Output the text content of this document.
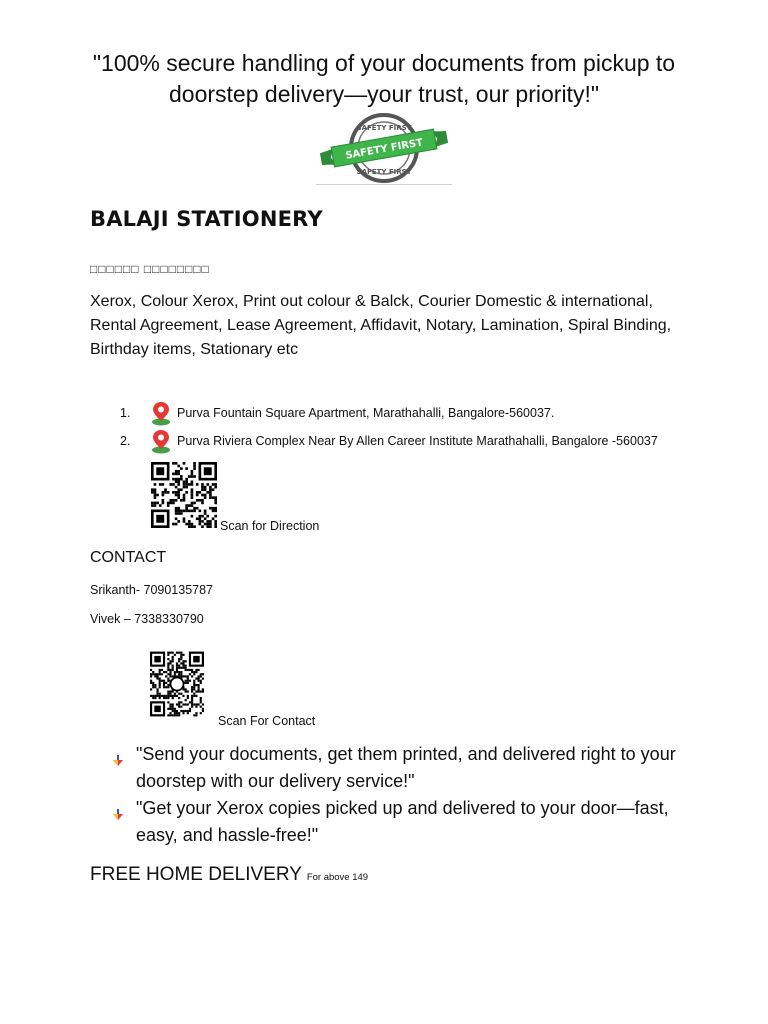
"100% secure handling of your documents from pickup to doorstep delivery—your trust, our priority!"
SAFETY FIRST
SAFETY FIRST
SAFETY FIRST
BALAJI STATIONERY
□□□□□□ □□□□□□□□
Xerox, Colour Xerox, Print out colour & Balck, Courier Domestic & international, Rental Agreement, Lease Agreement, Affidavit, Notary, Lamination, Spiral Binding, Birthday items, Stationary etc
1.	Purva Fountain Square Apartment, Marathahalli, Bangalore-560037.
2.	Purva Riviera Complex Near By Allen Career Institute Marathahalli, Bangalore -560037
Scan for Direction
CONTACT
Srikanth- 7090135787
Vivek – 7338330790
Scan For Contact
"Send your documents, get them printed, and delivered right to your doorstep with our delivery service!"
"Get your Xerox copies picked up and delivered to your door—fast, easy, and hassle-free!"
FREE HOME DELIVERY For above 149
